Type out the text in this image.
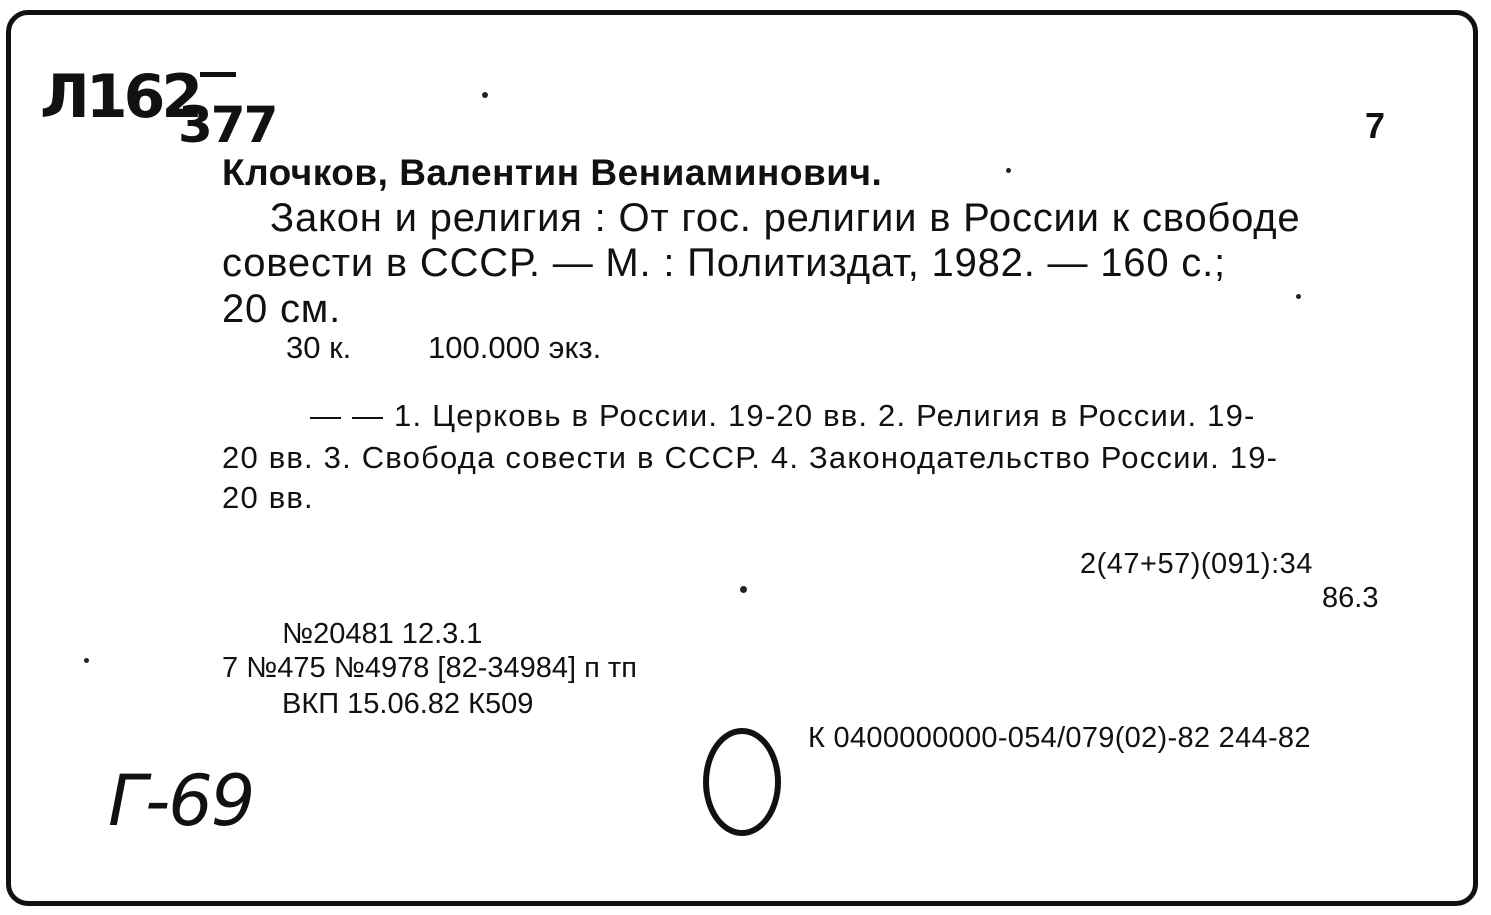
Л162
377	7
Клочков, Валентин Вениаминович.
Закон и религия : От гос. религии в России к свободе
совести в СССР. — М. : Политиздат, 1982. — 160 с.;
20 см.
30 к. 100.000 экз.
— — 1. Церковь в России. 19-20 вв. 2. Религия в России. 19-
20 вв. 3. Свобода совести в СССР. 4. Законодательство России. 19-
20 вв.
2(47+57)(091):34
86.3
№20481 12.3.1
7 №475 №4978 [82-34984] п тп
ВКП 15.06.82 К509
К 0400000000-054/079(02)-82 244-82
Г-69
